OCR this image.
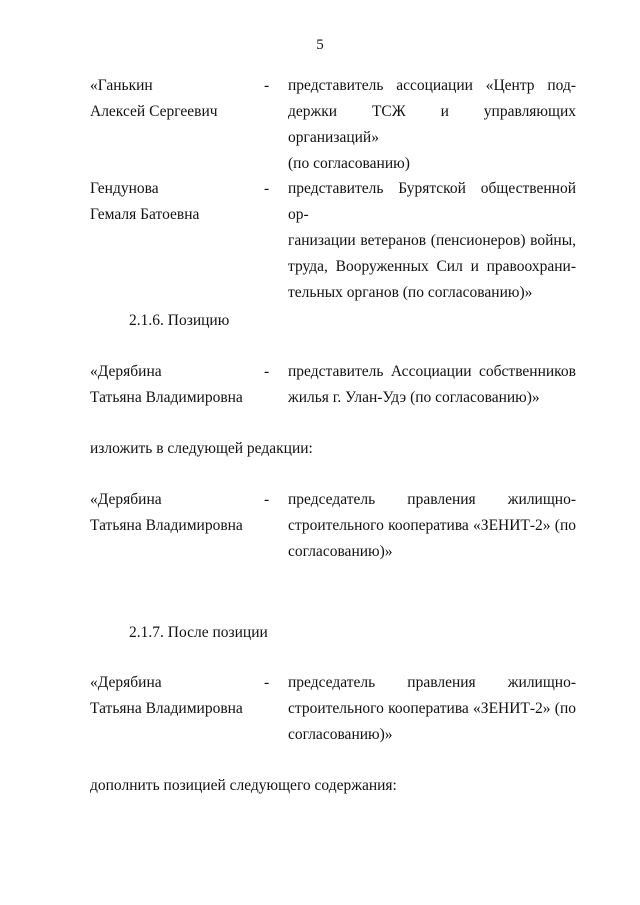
5
«Ганькин
Алексей Сергеевич
- представитель ассоциации «Центр под-
держки ТСЖ и управляющих организаций»
(по согласованию)
Гендунова
Гемаля Батоевна
- представитель Бурятской общественной ор-
ганизации ветеранов (пенсионеров) войны,
труда, Вооруженных Сил и правоохрани-
тельных органов (по согласованию)»
2.1.6. Позицию
«Дерябина
Татьяна Владимировна
- представитель Ассоциации собственников
жилья г. Улан-Удэ (по согласованию)»
изложить в следующей редакции:
«Дерябина
Татьяна Владимировна
- председатель правления жилищно-
строительного кооператива «ЗЕНИТ-2» (по
согласованию)»
2.1.7. После позиции
«Дерябина
Татьяна Владимировна
- председатель правления жилищно-
строительного кооператива «ЗЕНИТ-2» (по
согласованию)»
дополнить позицией следующего содержания:
